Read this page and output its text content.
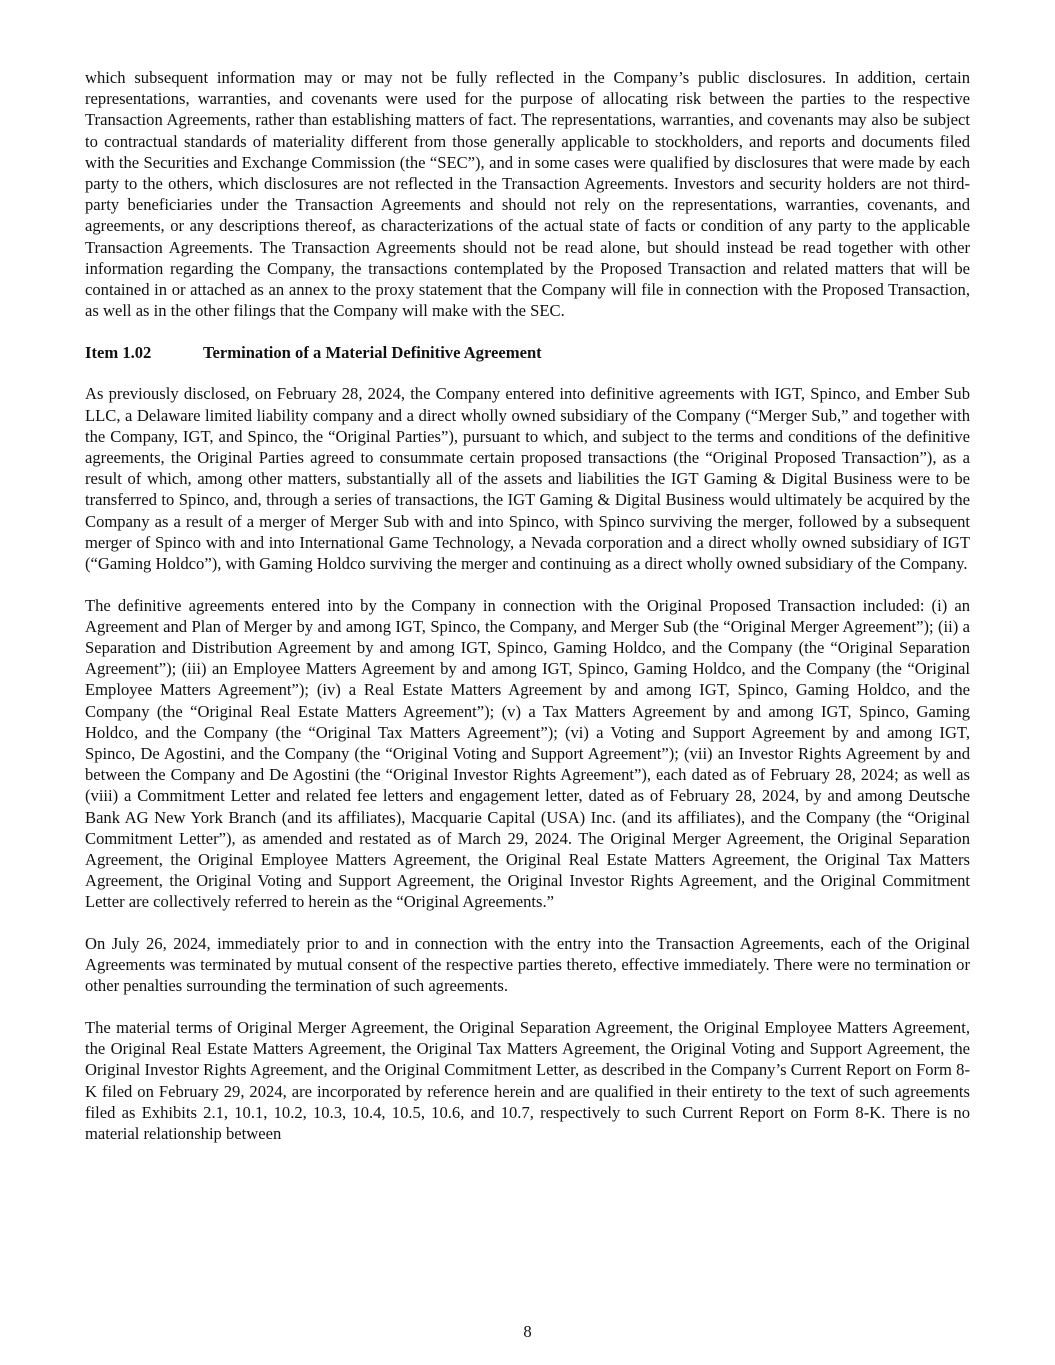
which subsequent information may or may not be fully reflected in the Company’s public disclosures. In addition, certain representations, warranties, and covenants were used for the purpose of allocating risk between the parties to the respective Transaction Agreements, rather than establishing matters of fact. The representations, warranties, and covenants may also be subject to contractual standards of materiality different from those generally applicable to stockholders, and reports and documents filed with the Securities and Exchange Commission (the “SEC”), and in some cases were qualified by disclosures that were made by each party to the others, which disclosures are not reflected in the Transaction Agreements. Investors and security holders are not third-party beneficiaries under the Transaction Agreements and should not rely on the representations, warranties, covenants, and agreements, or any descriptions thereof, as characterizations of the actual state of facts or condition of any party to the applicable Transaction Agreements. The Transaction Agreements should not be read alone, but should instead be read together with other information regarding the Company, the transactions contemplated by the Proposed Transaction and related matters that will be contained in or attached as an annex to the proxy statement that the Company will file in connection with the Proposed Transaction, as well as in the other filings that the Company will make with the SEC.

Item 1.02	Termination of a Material Definitive Agreement

As previously disclosed, on February 28, 2024, the Company entered into definitive agreements with IGT, Spinco, and Ember Sub LLC, a Delaware limited liability company and a direct wholly owned subsidiary of the Company (“Merger Sub,” and together with the Company, IGT, and Spinco, the “Original Parties”), pursuant to which, and subject to the terms and conditions of the definitive agreements, the Original Parties agreed to consummate certain proposed transactions (the “Original Proposed Transaction”), as a result of which, among other matters, substantially all of the assets and liabilities the IGT Gaming & Digital Business were to be transferred to Spinco, and, through a series of transactions, the IGT Gaming & Digital Business would ultimately be acquired by the Company as a result of a merger of Merger Sub with and into Spinco, with Spinco surviving the merger, followed by a subsequent merger of Spinco with and into International Game Technology, a Nevada corporation and a direct wholly owned subsidiary of IGT (“Gaming Holdco”), with Gaming Holdco surviving the merger and continuing as a direct wholly owned subsidiary of the Company.

The definitive agreements entered into by the Company in connection with the Original Proposed Transaction included: (i) an Agreement and Plan of Merger by and among IGT, Spinco, the Company, and Merger Sub (the “Original Merger Agreement”); (ii) a Separation and Distribution Agreement by and among IGT, Spinco, Gaming Holdco, and the Company (the “Original Separation Agreement”); (iii) an Employee Matters Agreement by and among IGT, Spinco, Gaming Holdco, and the Company (the “Original Employee Matters Agreement”); (iv) a Real Estate Matters Agreement by and among IGT, Spinco, Gaming Holdco, and the Company (the “Original Real Estate Matters Agreement”); (v) a Tax Matters Agreement by and among IGT, Spinco, Gaming Holdco, and the Company (the “Original Tax Matters Agreement”); (vi) a Voting and Support Agreement by and among IGT, Spinco, De Agostini, and the Company (the “Original Voting and Support Agreement”); (vii) an Investor Rights Agreement by and between the Company and De Agostini (the “Original Investor Rights Agreement”), each dated as of February 28, 2024; as well as (viii) a Commitment Letter and related fee letters and engagement letter, dated as of February 28, 2024, by and among Deutsche Bank AG New York Branch (and its affiliates), Macquarie Capital (USA) Inc. (and its affiliates), and the Company (the “Original Commitment Letter”), as amended and restated as of March 29, 2024. The Original Merger Agreement, the Original Separation Agreement, the Original Employee Matters Agreement, the Original Real Estate Matters Agreement, the Original Tax Matters Agreement, the Original Voting and Support Agreement, the Original Investor Rights Agreement, and the Original Commitment Letter are collectively referred to herein as the “Original Agreements.”

On July 26, 2024, immediately prior to and in connection with the entry into the Transaction Agreements, each of the Original Agreements was terminated by mutual consent of the respective parties thereto, effective immediately. There were no termination or other penalties surrounding the termination of such agreements.

The material terms of Original Merger Agreement, the Original Separation Agreement, the Original Employee Matters Agreement, the Original Real Estate Matters Agreement, the Original Tax Matters Agreement, the Original Voting and Support Agreement, the Original Investor Rights Agreement, and the Original Commitment Letter, as described in the Company’s Current Report on Form 8-K filed on February 29, 2024, are incorporated by reference herein and are qualified in their entirety to the text of such agreements filed as Exhibits 2.1, 10.1, 10.2, 10.3, 10.4, 10.5, 10.6, and 10.7, respectively to such Current Report on Form 8-K. There is no material relationship between

8
